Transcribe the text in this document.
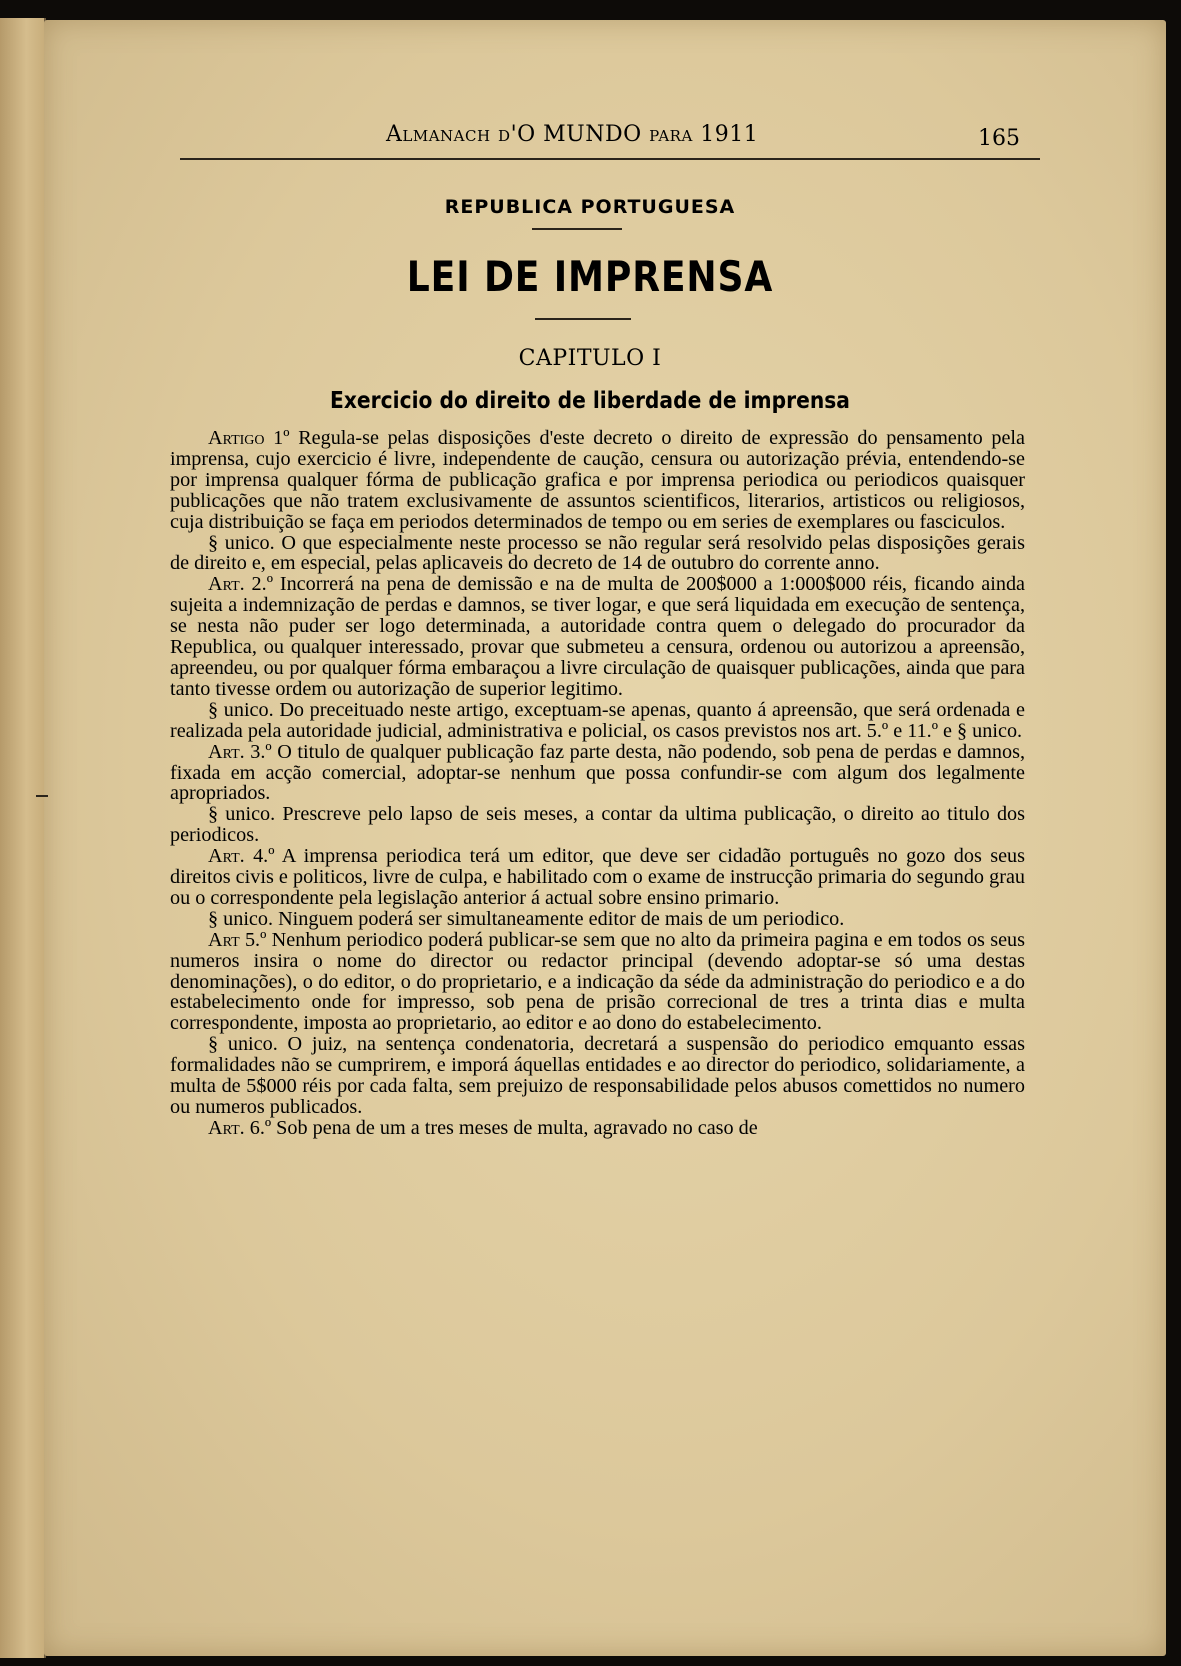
Almanach d'O MUNDO para 1911	165
REPUBLICA PORTUGUESA
LEI DE IMPRENSA
CAPITULO I
Exercicio do direito de liberdade de imprensa

Artigo 1º Regula-se pelas disposições d'este decreto o direito de expressão do pensamento pela imprensa, cujo exercicio é livre, independente de caução, censura ou autorização prévia, entendendo-se por imprensa qualquer fórma de publicação grafica e por imprensa periodica ou periodicos quaisquer publicações que não tratem exclusivamente de assuntos scientificos, literarios, artisticos ou religiosos, cuja distribuição se faça em periodos determinados de tempo ou em series de exemplares ou fasciculos.

§ unico. O que especialmente neste processo se não regular será resolvido pelas disposições gerais de direito e, em especial, pelas aplicaveis do decreto de 14 de outubro do corrente anno.

Art. 2.º Incorrerá na pena de demissão e na de multa de 200$000 a 1:000$000 réis, ficando ainda sujeita a indemnização de perdas e damnos, se tiver logar, e que será liquidada em execução de sentença, se nesta não puder ser logo determinada, a autoridade contra quem o delegado do procurador da Republica, ou qualquer interessado, provar que submeteu a censura, ordenou ou autorizou a apreensão, apreendeu, ou por qualquer fórma embaraçou a livre circulação de quaisquer publicações, ainda que para tanto tivesse ordem ou autorização de superior legitimo.

§ unico. Do preceituado neste artigo, exceptuam-se apenas, quanto á apreensão, que será ordenada e realizada pela autoridade judicial, administrativa e policial, os casos previstos nos art. 5.º e 11.º e § unico.

Art. 3.º O titulo de qualquer publicação faz parte desta, não podendo, sob pena de perdas e damnos, fixada em acção comercial, adoptar-se nenhum que possa confundir-se com algum dos legalmente apropriados.

§ unico. Prescreve pelo lapso de seis meses, a contar da ultima publicação, o direito ao titulo dos periodicos.

Art. 4.º A imprensa periodica terá um editor, que deve ser cidadão português no gozo dos seus direitos civis e politicos, livre de culpa, e habilitado com o exame de instrucção primaria do segundo grau ou o correspondente pela legislação anterior á actual sobre ensino primario.

§ unico. Ninguem poderá ser simultaneamente editor de mais de um periodico.

Art 5.º Nenhum periodico poderá publicar-se sem que no alto da primeira pagina e em todos os seus numeros insira o nome do director ou redactor principal (devendo adoptar-se só uma destas denominações), o do editor, o do proprietario, e a indicação da séde da administração do periodico e a do estabelecimento onde for impresso, sob pena de prisão correcional de tres a trinta dias e multa correspondente, imposta ao proprietario, ao editor e ao dono do estabelecimento.

§ unico. O juiz, na sentença condenatoria, decretará a suspensão do periodico emquanto essas formalidades não se cumprirem, e imporá áquellas entidades e ao director do periodico, solidariamente, a multa de 5$000 réis por cada falta, sem prejuizo de responsabilidade pelos abusos comettidos no numero ou numeros publicados.

Art. 6.º Sob pena de um a tres meses de multa, agravado no caso de
